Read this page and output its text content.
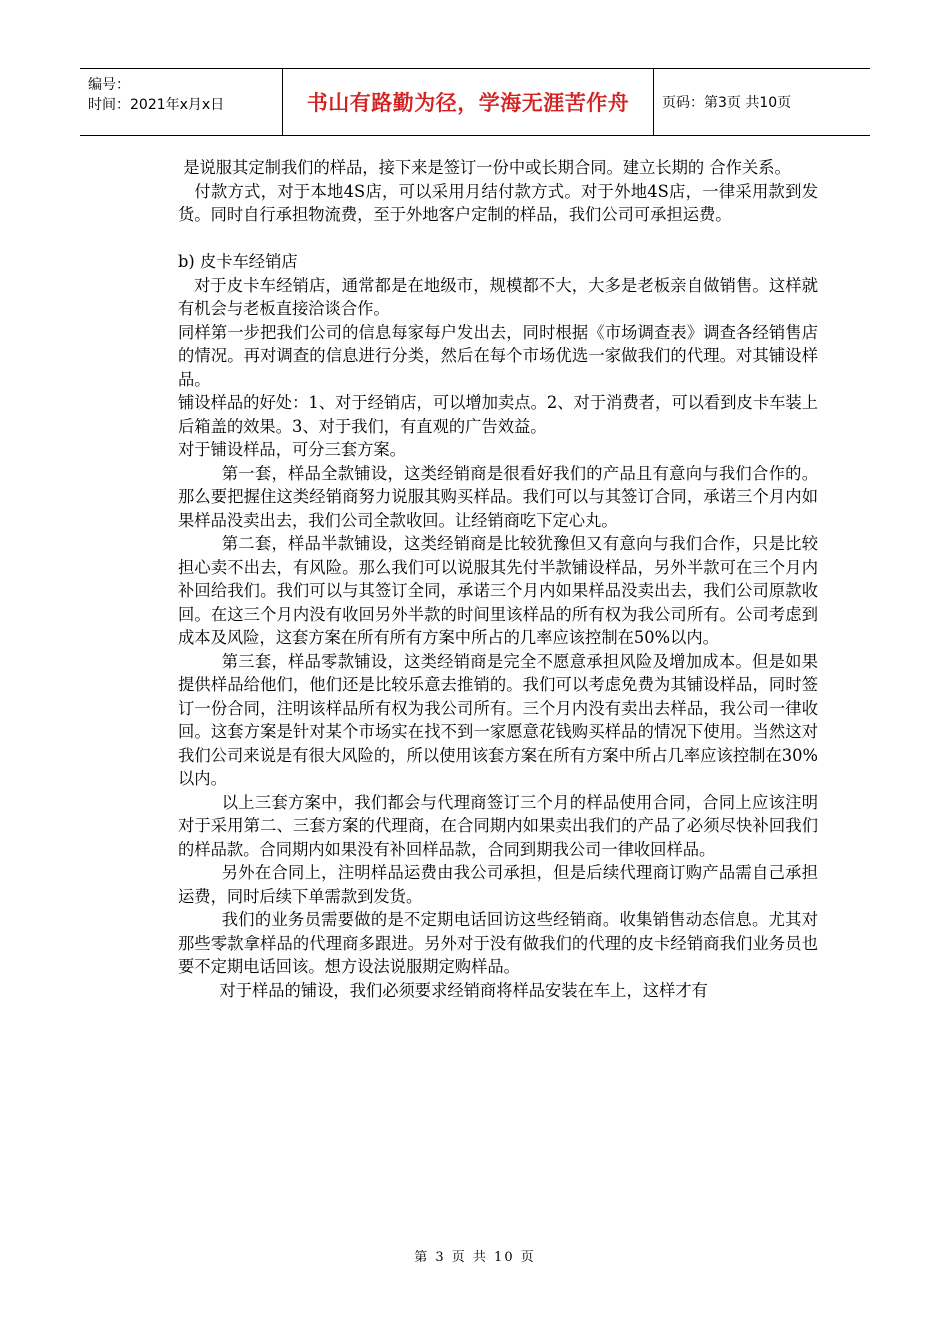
编号：
时间：2021年x月x日	书山有路勤为径，学海无涯苦作舟 页码：第3页 共10页

是说服其定制我们的样品，接下来是签订一份中或长期合同。建立长期的 合作关系。

付款方式，对于本地4S店，可以采用月结付款方式。对于外地4S店，一律采用款到发货。同时自行承担物流费，至于外地客户定制的样品，我们公司可承担运费。

b) 皮卡车经销店

对于皮卡车经销店，通常都是在地级市，规模都不大，大多是老板亲自做销售。这样就有机会与老板直接洽谈合作。

同样第一步把我们公司的信息每家每户发出去，同时根据《市场调查表》调查各经销售店的情况。再对调查的信息进行分类，然后在每个市场优选一家做我们的代理。对其铺设样品。

铺设样品的好处：1、对于经销店，可以增加卖点。2、对于消费者，可以看到皮卡车装上后箱盖的效果。3、对于我们，有直观的广告效益。

对于铺设样品，可分三套方案。

第一套，样品全款铺设，这类经销商是很看好我们的产品且有意向与我们合作的。那么要把握住这类经销商努力说服其购买样品。我们可以与其签订合同，承诺三个月内如果样品没卖出去，我们公司全款收回。让经销商吃下定心丸。

第二套，样品半款铺设，这类经销商是比较犹豫但又有意向与我们合作，只是比较担心卖不出去，有风险。那么我们可以说服其先付半款铺设样品，另外半款可在三个月内补回给我们。我们可以与其签订全同，承诺三个月内如果样品没卖出去，我们公司原款收回。在这三个月内没有收回另外半款的时间里该样品的所有权为我公司所有。公司考虑到成本及风险，这套方案在所有所有方案中所占的几率应该控制在50%以内。

第三套，样品零款铺设，这类经销商是完全不愿意承担风险及增加成本。但是如果提供样品给他们，他们还是比较乐意去推销的。我们可以考虑免费为其铺设样品，同时签订一份合同，注明该样品所有权为我公司所有。三个月内没有卖出去样品，我公司一律收回。这套方案是针对某个市场实在找不到一家愿意花钱购买样品的情况下使用。当然这对我们公司来说是有很大风险的，所以使用该套方案在所有方案中所占几率应该控制在30%以内。

以上三套方案中，我们都会与代理商签订三个月的样品使用合同，合同上应该注明对于采用第二、三套方案的代理商，在合同期内如果卖出我们的产品了必须尽快补回我们的样品款。合同期内如果没有补回样品款，合同到期我公司一律收回样品。

另外在合同上，注明样品运费由我公司承担，但是后续代理商订购产品需自己承担运费，同时后续下单需款到发货。

我们的业务员需要做的是不定期电话回访这些经销商。收集销售动态信息。尤其对那些零款拿样品的代理商多跟进。另外对于没有做我们的代理的皮卡经销商我们业务员也要不定期电话回该。想方设法说服期定购样品。

对于样品的铺设，我们必须要求经销商将样品安装在车上，这样才有

第 3 页 共 10 页
